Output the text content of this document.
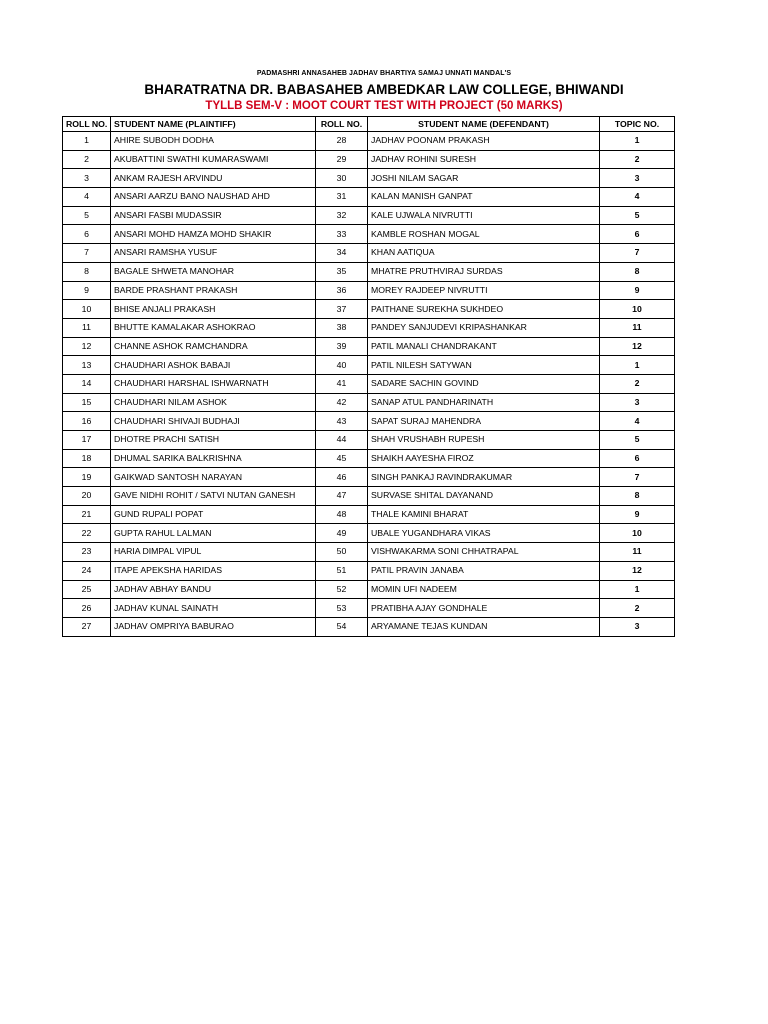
PADMASHRI ANNASAHEB JADHAV BHARTIYA SAMAJ UNNATI MANDAL'S
BHARATRATNA DR. BABASAHEB AMBEDKAR LAW COLLEGE, BHIWANDI
TYLLB SEM-V : MOOT COURT TEST WITH PROJECT (50 MARKS)
ROLL NO.	STUDENT NAME (PLAINTIFF)	ROLL NO.	STUDENT NAME (DEFENDANT)	TOPIC NO.
1	AHIRE SUBODH DODHA	28	JADHAV POONAM PRAKASH	1
2	AKUBATTINI SWATHI KUMARASWAMI	29	JADHAV ROHINI SURESH	2
3	ANKAM RAJESH ARVINDU	30	JOSHI NILAM SAGAR	3
4	ANSARI AARZU BANO NAUSHAD AHD	31	KALAN MANISH GANPAT	4
5	ANSARI FASBI MUDASSIR	32	KALE UJWALA NIVRUTTI	5
6	ANSARI MOHD HAMZA MOHD SHAKIR	33	KAMBLE ROSHAN MOGAL	6
7	ANSARI RAMSHA YUSUF	34	KHAN AATIQUA	7
8	BAGALE SHWETA MANOHAR	35	MHATRE PRUTHVIRAJ SURDAS	8
9	BARDE PRASHANT PRAKASH	36	MOREY RAJDEEP NIVRUTTI	9
10	BHISE ANJALI PRAKASH	37	PAITHANE SUREKHA SUKHDEO	10
11	BHUTTE KAMALAKAR ASHOKRAO	38	PANDEY SANJUDEVI KRIPASHANKAR	11
12	CHANNE ASHOK RAMCHANDRA	39	PATIL MANALI CHANDRAKANT	12
13	CHAUDHARI ASHOK BABAJI	40	PATIL NILESH SATYWAN	1
14	CHAUDHARI HARSHAL ISHWARNATH	41	SADARE SACHIN GOVIND	2
15	CHAUDHARI NILAM ASHOK	42	SANAP ATUL PANDHARINATH	3
16	CHAUDHARI SHIVAJI BUDHAJI	43	SAPAT SURAJ MAHENDRA	4
17	DHOTRE PRACHI SATISH	44	SHAH VRUSHABH RUPESH	5
18	DHUMAL SARIKA BALKRISHNA	45	SHAIKH AAYESHA FIROZ	6
19	GAIKWAD SANTOSH NARAYAN	46	SINGH PANKAJ RAVINDRAKUMAR	7
20	GAVE NIDHI ROHIT / SATVI NUTAN GANESH	47	SURVASE SHITAL DAYANAND	8
21	GUND RUPALI POPAT	48	THALE KAMINI BHARAT	9
22	GUPTA RAHUL LALMAN	49	UBALE YUGANDHARA VIKAS	10
23	HARIA DIMPAL VIPUL	50	VISHWAKARMA SONI CHHATRAPAL	11
24	ITAPE APEKSHA HARIDAS	51	PATIL PRAVIN JANABA	12
25	JADHAV ABHAY BANDU	52	MOMIN UFI NADEEM	1
26	JADHAV KUNAL SAINATH	53	PRATIBHA AJAY GONDHALE	2
27	JADHAV OMPRIYA BABURAO	54	ARYAMANE TEJAS KUNDAN	3
